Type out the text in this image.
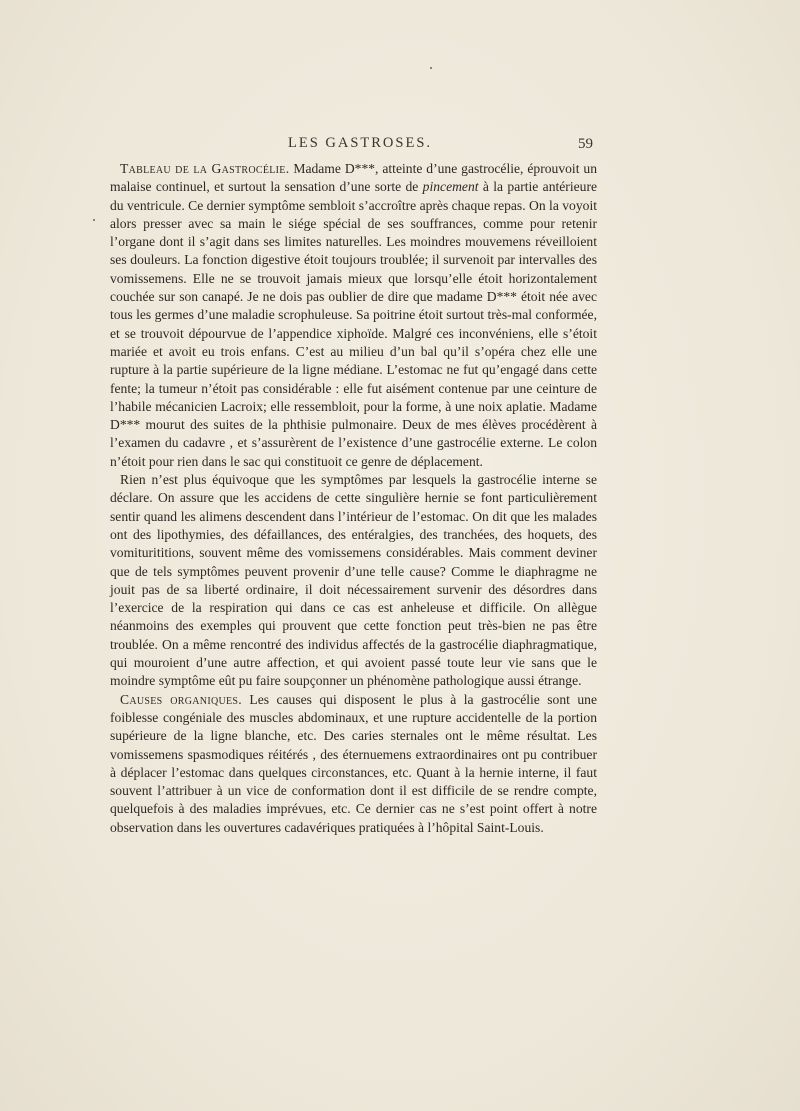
LES GASTROSES.	59

Tableau de la Gastrocélie. Madame D***, atteinte d’une gastrocélie, éprouvoit un malaise continuel, et surtout la sensation d’une sorte de pincement à la partie antérieure du ventricule. Ce dernier symptôme sembloit s’accroître après chaque repas. On la voyoit alors presser avec sa main le siége spécial de ses souffrances, comme pour retenir l’organe dont il s’agit dans ses limites naturelles. Les moindres mouvemens réveilloient ses douleurs. La fonction digestive étoit toujours troublée; il survenoit par intervalles des vomissemens. Elle ne se trouvoit jamais mieux que lorsqu’elle étoit horizontalement couchée sur son canapé. Je ne dois pas oublier de dire que madame D*** étoit née avec tous les germes d’une maladie scrophuleuse. Sa poitrine étoit surtout très-mal conformée, et se trouvoit dépourvue de l’appendice xiphoïde. Malgré ces inconvéniens, elle s’étoit mariée et avoit eu trois enfans. C’est au milieu d’un bal qu’il s’opéra chez elle une rupture à la partie supérieure de la ligne médiane. L’estomac ne fut qu’engagé dans cette fente; la tumeur n’étoit pas considérable : elle fut aisément contenue par une ceinture de l’habile mécanicien Lacroix; elle ressembloit, pour la forme, à une noix aplatie. Madame D*** mourut des suites de la phthisie pulmonaire. Deux de mes élèves procédèrent à l’examen du cadavre , et s’assurèrent de l’existence d’une gastrocélie externe. Le colon n’étoit pour rien dans le sac qui constituoit ce genre de déplacement.

Rien n’est plus équivoque que les symptômes par lesquels la gastrocélie interne se déclare. On assure que les accidens de cette singulière hernie se font particulièrement sentir quand les alimens descendent dans l’intérieur de l’estomac. On dit que les malades ont des lipothymies, des défaillances, des entéralgies, des tranchées, des hoquets, des vomiturititions, souvent même des vomissemens considérables. Mais comment deviner que de tels symptômes peuvent provenir d’une telle cause? Comme le diaphragme ne jouit pas de sa liberté ordinaire, il doit nécessairement survenir des désordres dans l’exercice de la respiration qui dans ce cas est anheleuse et difficile. On allègue néanmoins des exemples qui prouvent que cette fonction peut très-bien ne pas être troublée. On a même rencontré des individus affectés de la gastrocélie diaphragmatique, qui mouroient d’une autre affection, et qui avoient passé toute leur vie sans que le moindre symptôme eût pu faire soupçonner un phénomène pathologique aussi étrange.

Causes organiques. Les causes qui disposent le plus à la gastrocélie sont une foiblesse congéniale des muscles abdominaux, et une rupture accidentelle de la portion supérieure de la ligne blanche, etc. Des caries sternales ont le même résultat. Les vomissemens spasmodiques réitérés , des éternuemens extraordinaires ont pu contribuer à déplacer l’estomac dans quelques circonstances, etc. Quant à la hernie interne, il faut souvent l’attribuer à un vice de conformation dont il est difficile de se rendre compte, quelquefois à des maladies imprévues, etc. Ce dernier cas ne s’est point offert à notre observation dans les ouvertures cadavériques pratiquées à l’hôpital Saint-Louis.
